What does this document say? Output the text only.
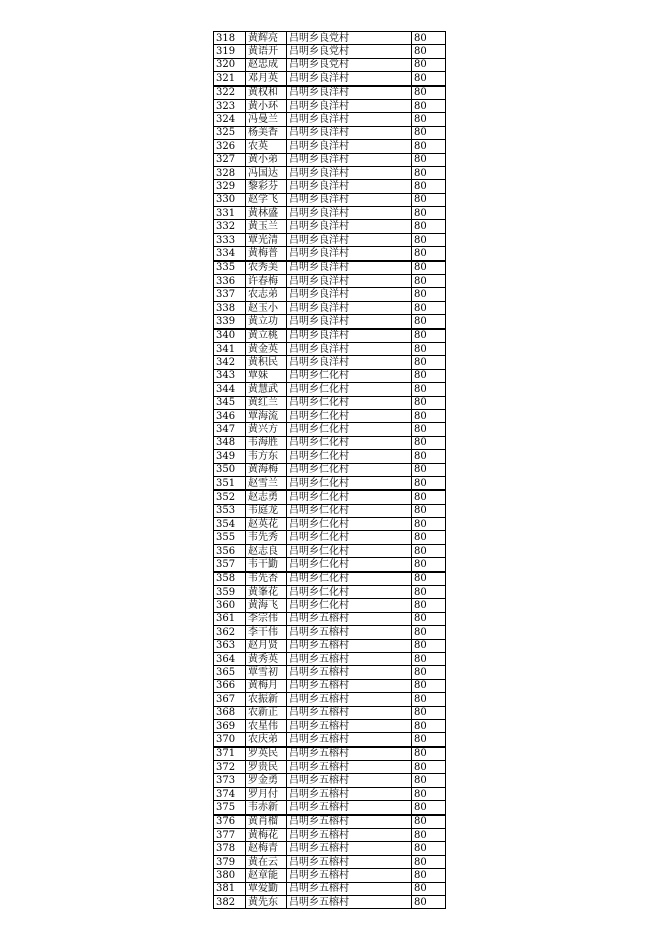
318	黄辉亮	吕明乡良党村	80
319	黄语开	吕明乡良党村	80
320	赵忠成	吕明乡良党村	80
321	邓月英	吕明乡良洋村	80
322	黄权和	吕明乡良洋村	80
323	黄小环	吕明乡良洋村	80
324	冯曼兰	吕明乡良洋村	80
325	杨美香	吕明乡良洋村	80
326	农英	吕明乡良洋村	80
327	黄小弟	吕明乡良洋村	80
328	冯国达	吕明乡良洋村	80
329	黎彩芬	吕明乡良洋村	80
330	赵学飞	吕明乡良洋村	80
331	黄林盛	吕明乡良洋村	80
332	黄玉兰	吕明乡良洋村	80
333	覃光清	吕明乡良洋村	80
334	黄梅普	吕明乡良洋村	80
335	农秀美	吕明乡良洋村	80
336	许春梅	吕明乡良洋村	80
337	农志弟	吕明乡良洋村	80
338	赵玉小	吕明乡良洋村	80
339	黄立功	吕明乡良洋村	80
340	黄立桃	吕明乡良洋村	80
341	黄金英	吕明乡良洋村	80
342	黄积民	吕明乡良洋村	80
343	覃妹	吕明乡仁化村	80
344	黄慧武	吕明乡仁化村	80
345	黄红兰	吕明乡仁化村	80
346	覃海流	吕明乡仁化村	80
347	黄兴方	吕明乡仁化村	80
348	韦海胜	吕明乡仁化村	80
349	韦方东	吕明乡仁化村	80
350	黄海梅	吕明乡仁化村	80
351	赵雪兰	吕明乡仁化村	80
352	赵志勇	吕明乡仁化村	80
353	韦庭龙	吕明乡仁化村	80
354	赵英花	吕明乡仁化村	80
355	韦先秀	吕明乡仁化村	80
356	赵志良	吕明乡仁化村	80
357	韦干勤	吕明乡仁化村	80
358	韦先杏	吕明乡仁化村	80
359	黄峯花	吕明乡仁化村	80
360	黄海飞	吕明乡仁化村	80
361	李宗伟	吕明乡五榕村	80
362	李干伟	吕明乡五榕村	80
363	赵月贤	吕明乡五榕村	80
364	黄秀英	吕明乡五榕村	80
365	覃雪初	吕明乡五榕村	80
366	黄梅月	吕明乡五榕村	80
367	农振新	吕明乡五榕村	80
368	农新正	吕明乡五榕村	80
369	农星伟	吕明乡五榕村	80
370	农庆弟	吕明乡五榕村	80
371	罗英民	吕明乡五榕村	80
372	罗贵民	吕明乡五榕村	80
373	罗金勇	吕明乡五榕村	80
374	罗月付	吕明乡五榕村	80
375	韦赤新	吕明乡五榕村	80
376	黄肖榴	吕明乡五榕村	80
377	黄梅花	吕明乡五榕村	80
378	赵梅青	吕明乡五榕村	80
379	黄在云	吕明乡五榕村	80
380	赵章能	吕明乡五榕村	80
381	覃爱勤	吕明乡五榕村	80
382	黄先东	吕明乡五榕村	80
